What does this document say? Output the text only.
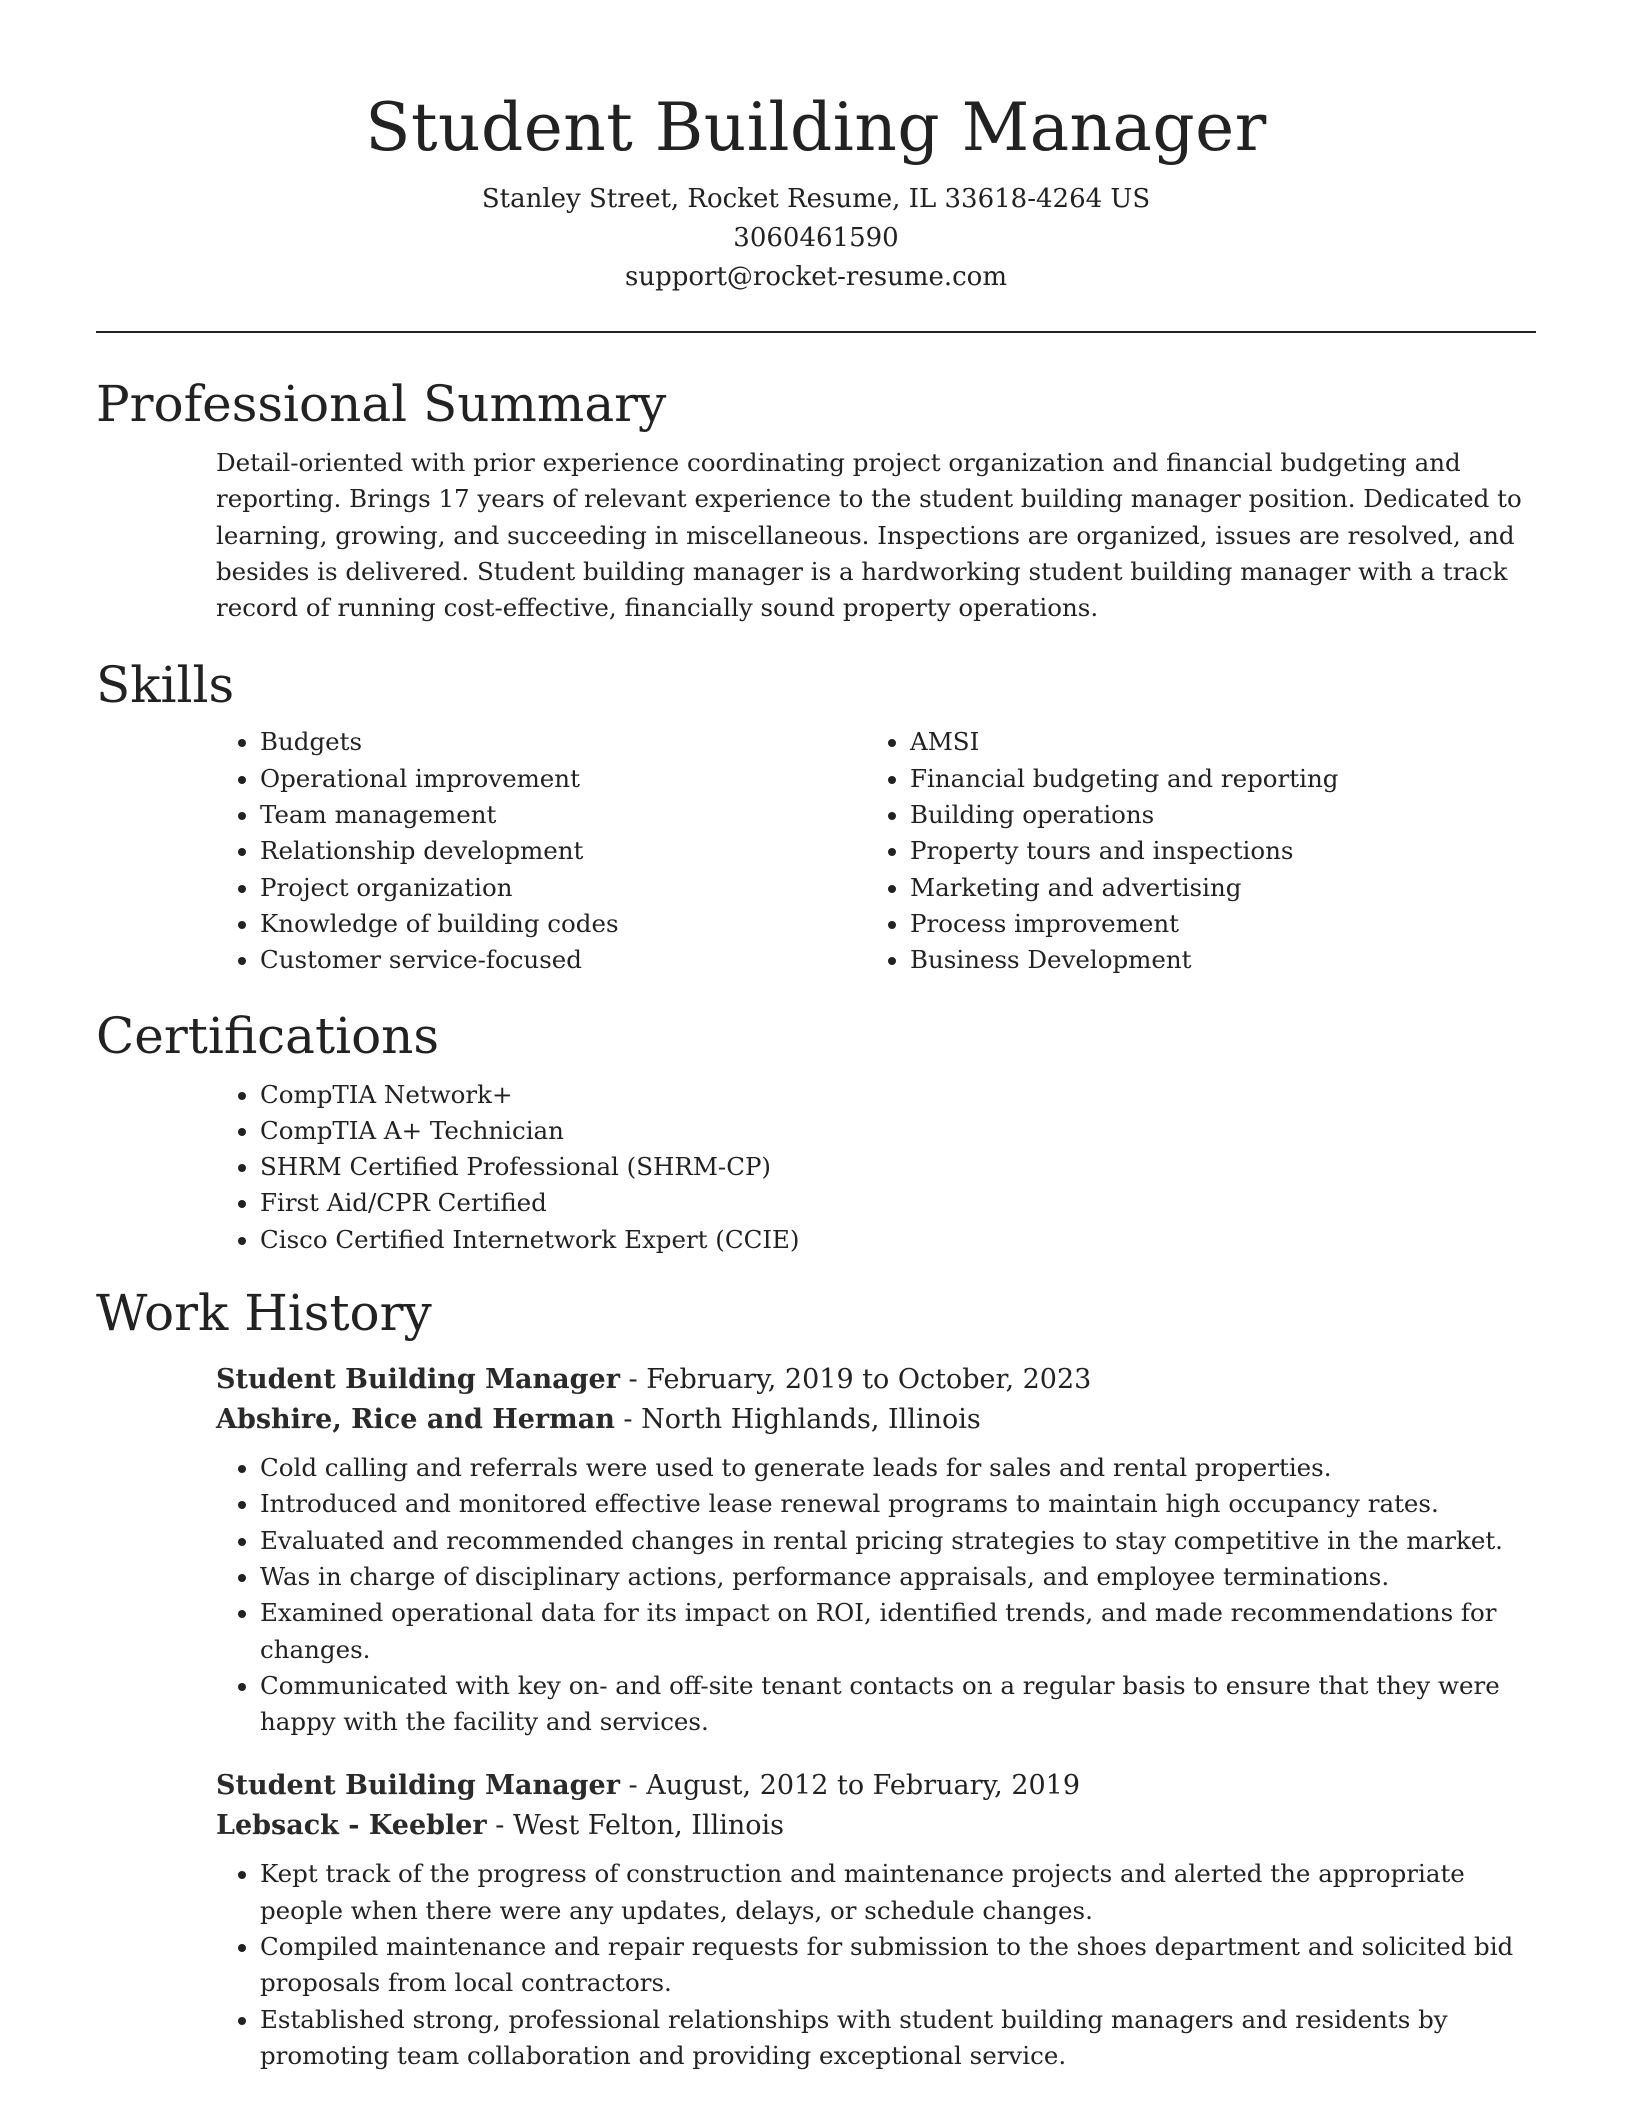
Student Building Manager

Stanley Street, Rocket Resume, IL 33618-4264 US

3060461590

support@rocket-resume.com

Professional Summary

Detail-oriented with prior experience coordinating project organization and financial budgeting and reporting. Brings 17 years of relevant experience to the student building manager position. Dedicated to learning, growing, and succeeding in miscellaneous. Inspections are organized, issues are resolved, and besides is delivered. Student building manager is a hardworking student building manager with a track record of running cost-effective, financially sound property operations.

Skills
• Budgets
• Operational improvement
• Team management
• Relationship development
• Project organization
• Knowledge of building codes
• Customer service-focused
• AMSI
• Financial budgeting and reporting
• Building operations
• Property tours and inspections
• Marketing and advertising
• Process improvement
• Business Development
Certifications
• CompTIA Network+
• CompTIA A+ Technician
• SHRM Certified Professional (SHRM-CP)
• First Aid/CPR Certified
• Cisco Certified Internetwork Expert (CCIE)
Work History

Student Building Manager - February, 2019 to October, 2023

Abshire, Rice and Herman - North Highlands, Illinois

• Cold calling and referrals were used to generate leads for sales and rental properties.
• Introduced and monitored effective lease renewal programs to maintain high occupancy rates.
• Evaluated and recommended changes in rental pricing strategies to stay competitive in the market.
• Was in charge of disciplinary actions, performance appraisals, and employee terminations.
• Examined operational data for its impact on ROI, identified trends, and made recommendations for changes.
• Communicated with key on- and off-site tenant contacts on a regular basis to ensure that they were happy with the facility and services.

Student Building Manager - August, 2012 to February, 2019

Lebsack - Keebler - West Felton, Illinois

• Kept track of the progress of construction and maintenance projects and alerted the appropriate people when there were any updates, delays, or schedule changes.
• Compiled maintenance and repair requests for submission to the shoes department and solicited bid proposals from local contractors.
• Established strong, professional relationships with student building managers and residents by promoting team collaboration and providing exceptional service.
